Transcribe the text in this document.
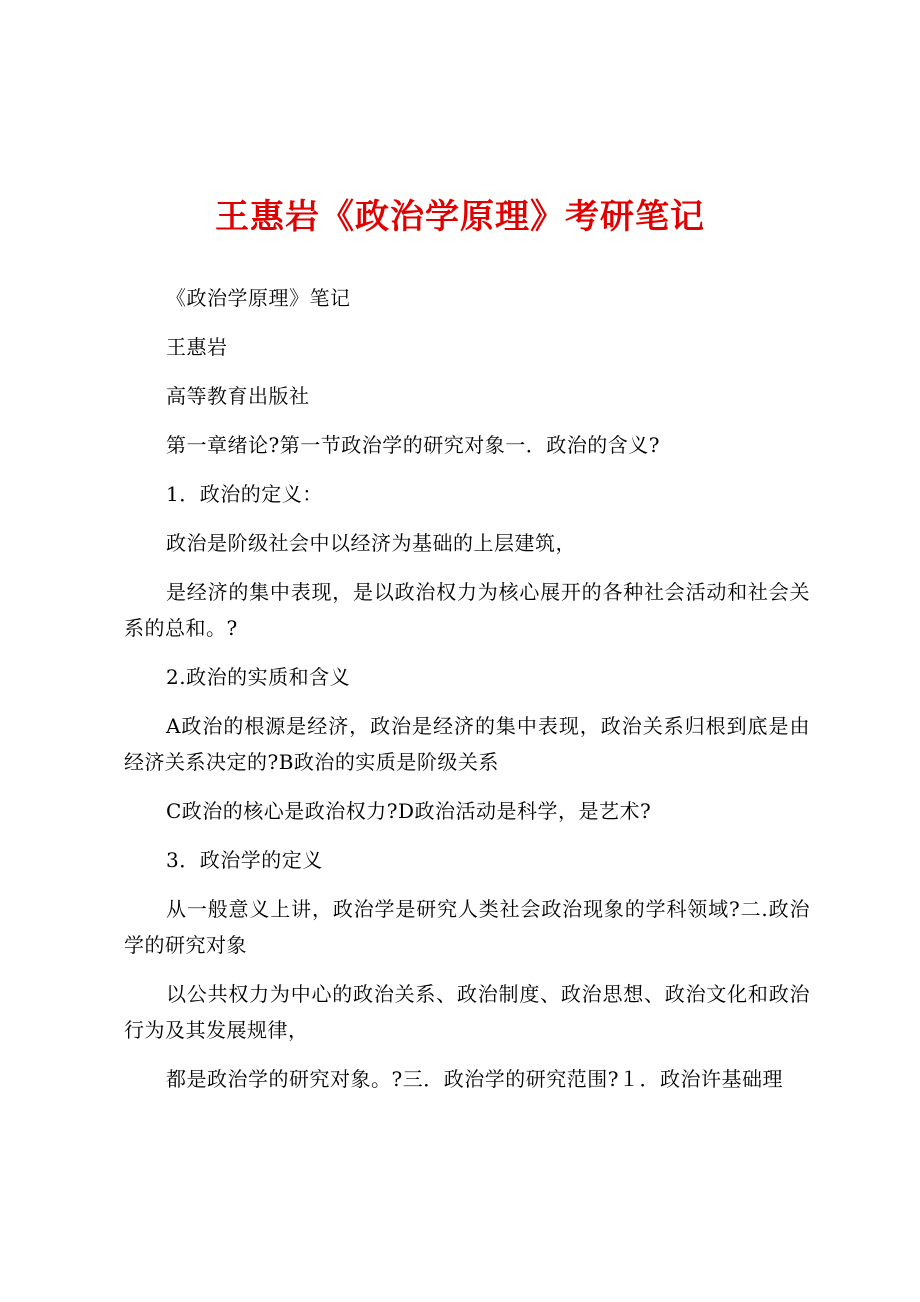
王惠岩《政治学原理》考研笔记

《政治学原理》笔记

王惠岩

高等教育出版社

第一章绪论?第一节政治学的研究对象一．政治的含义?

1．政治的定义：

政治是阶级社会中以经济为基础的上层建筑，

是经济的集中表现，是以政治权力为核心展开的各种社会活动和社会关系的总和。?

2.政治的实质和含义

A政治的根源是经济，政治是经济的集中表现，政治关系归根到底是由经济关系决定的?B政治的实质是阶级关系

C政治的核心是政治权力?D政治活动是科学，是艺术?

3．政治学的定义

从一般意义上讲，政治学是研究人类社会政治现象的学科领域?二.政治学的研究对象

以公共权力为中心的政治关系、政治制度、政治思想、政治文化和政治行为及其发展规律，

都是政治学的研究对象。?三．政治学的研究范围?１．政治许基础理
